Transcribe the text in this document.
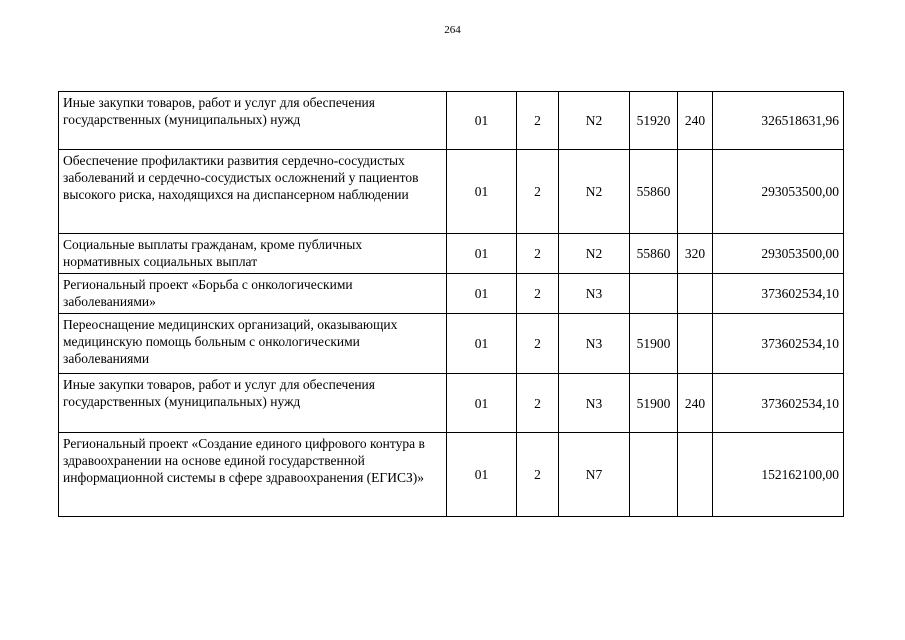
264
Иные закупки товаров, работ и услуг для обеспечения государственных (муниципальных) нужд	01	2	N2	51920	240	326518631,96
Обеспечение профилактики развития сердечно-сосудистых заболеваний и сердечно-сосудистых осложнений у пациентов высокого риска, находящихся на диспансерном наблюдении	01	2	N2	55860		293053500,00
Социальные выплаты гражданам, кроме публичных нормативных социальных выплат	01	2	N2	55860	320	293053500,00
Региональный проект «Борьба с онкологическими заболеваниями»	01	2	N3			373602534,10
Переоснащение медицинских организаций, оказывающих медицинскую помощь больным с онкологическими заболеваниями	01	2	N3	51900		373602534,10
Иные закупки товаров, работ и услуг для обеспечения государственных (муниципальных) нужд	01	2	N3	51900	240	373602534,10
Региональный проект «Создание единого цифрового контура в здравоохранении на основе единой государственной информационной системы в сфере здравоохранения (ЕГИСЗ)»	01	2	N7			152162100,00
